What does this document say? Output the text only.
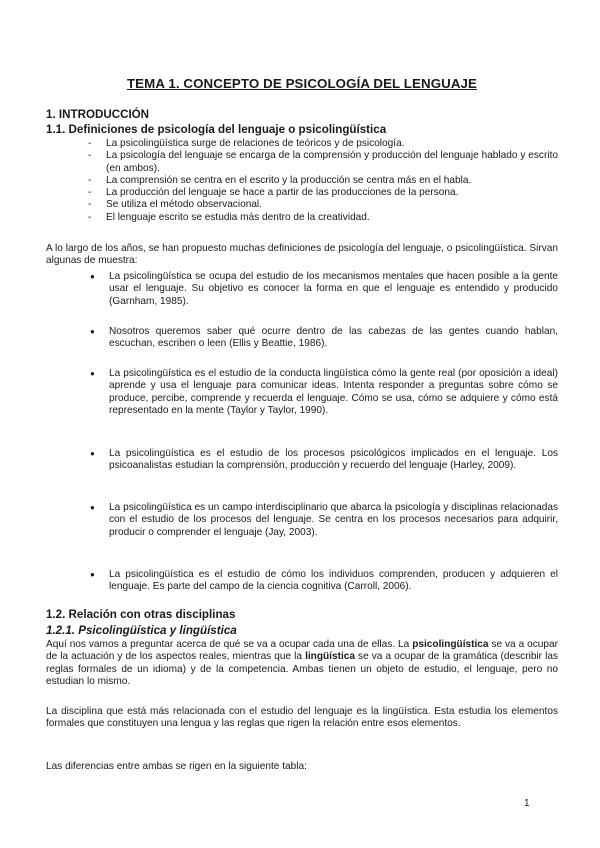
TEMA 1. CONCEPTO DE PSICOLOGÍA DEL LENGUAJE
1. INTRODUCCIÓN
1.1. Definiciones de psicología del lenguaje o psicolingüística
-	La psicolingüística surge de relaciones de teóricos y de psicología.
-	La psicología del lenguaje se encarga de la comprensión y producción del lenguaje hablado y escrito (en ambos).
-	La comprensión se centra en el escrito y la producción se centra más en el habla.
-	La producción del lenguaje se hace a partir de las producciones de la persona.
-	Se utiliza el método observacional.
-	El lenguaje escrito se estudia más dentro de la creatividad.
A lo largo de los años, se han propuesto muchas definiciones de psicología del lenguaje, o psicolingüística. Sirvan algunas de muestra:
●	La psicolingüística se ocupa del estudio de los mecanismos mentales que hacen posible a la gente usar el lenguaje. Su objetivo es conocer la forma en que el lenguaje es entendido y producido (Garnham, 1985).
●	Nosotros queremos saber qué ocurre dentro de las cabezas de las gentes cuando hablan, escuchan, escriben o leen (Ellis y Beattie, 1986).
●	La psicolingüística es el estudio de la conducta lingüística cómo la gente real (por oposición a ideal) aprende y usa el lenguaje para comunicar ideas. Intenta responder a preguntas sobre cómo se produce, percibe, comprende y recuerda el lenguaje. Cómo se usa, cómo se adquiere y cómo está representado en la mente (Taylor y Taylor, 1990).
●	La psicolingüística es el estudio de los procesos psicológicos implicados en el lenguaje. Los psicoanalistas estudian la comprensión, producción y recuerdo del lenguaje (Harley, 2009).
●	La psicolingüística es un campo interdisciplinario que abarca la psicología y disciplinas relacionadas con el estudio de los procesos del lenguaje. Se centra en los procesos necesarios para adquirir, producir o comprender el lenguaje (Jay, 2003).
●	La psicolingüística es el estudio de cómo los individuos comprenden, producen y adquieren el lenguaje. Es parte del campo de la ciencia cognitiva (Carroll, 2006).
1.2. Relación con otras disciplinas
1.2.1. Psicolingüística y lingüística
Aquí nos vamos a preguntar acerca de qué se va a ocupar cada una de ellas. La psicolingüística se va a ocupar de la actuación y de los aspectos reales, mientras que la lingüística se va a ocupar de la gramática (describir las reglas formales de un idioma) y de la competencia. Ambas tienen un objeto de estudio, el lenguaje, pero no estudian lo mismo.
La disciplina que está más relacionada con el estudio del lenguaje es la lingüística. Esta estudia los elementos formales que constituyen una lengua y las reglas que rigen la relación entre esos elementos.
Las diferencias entre ambas se rigen en la siguiente tabla:
1
